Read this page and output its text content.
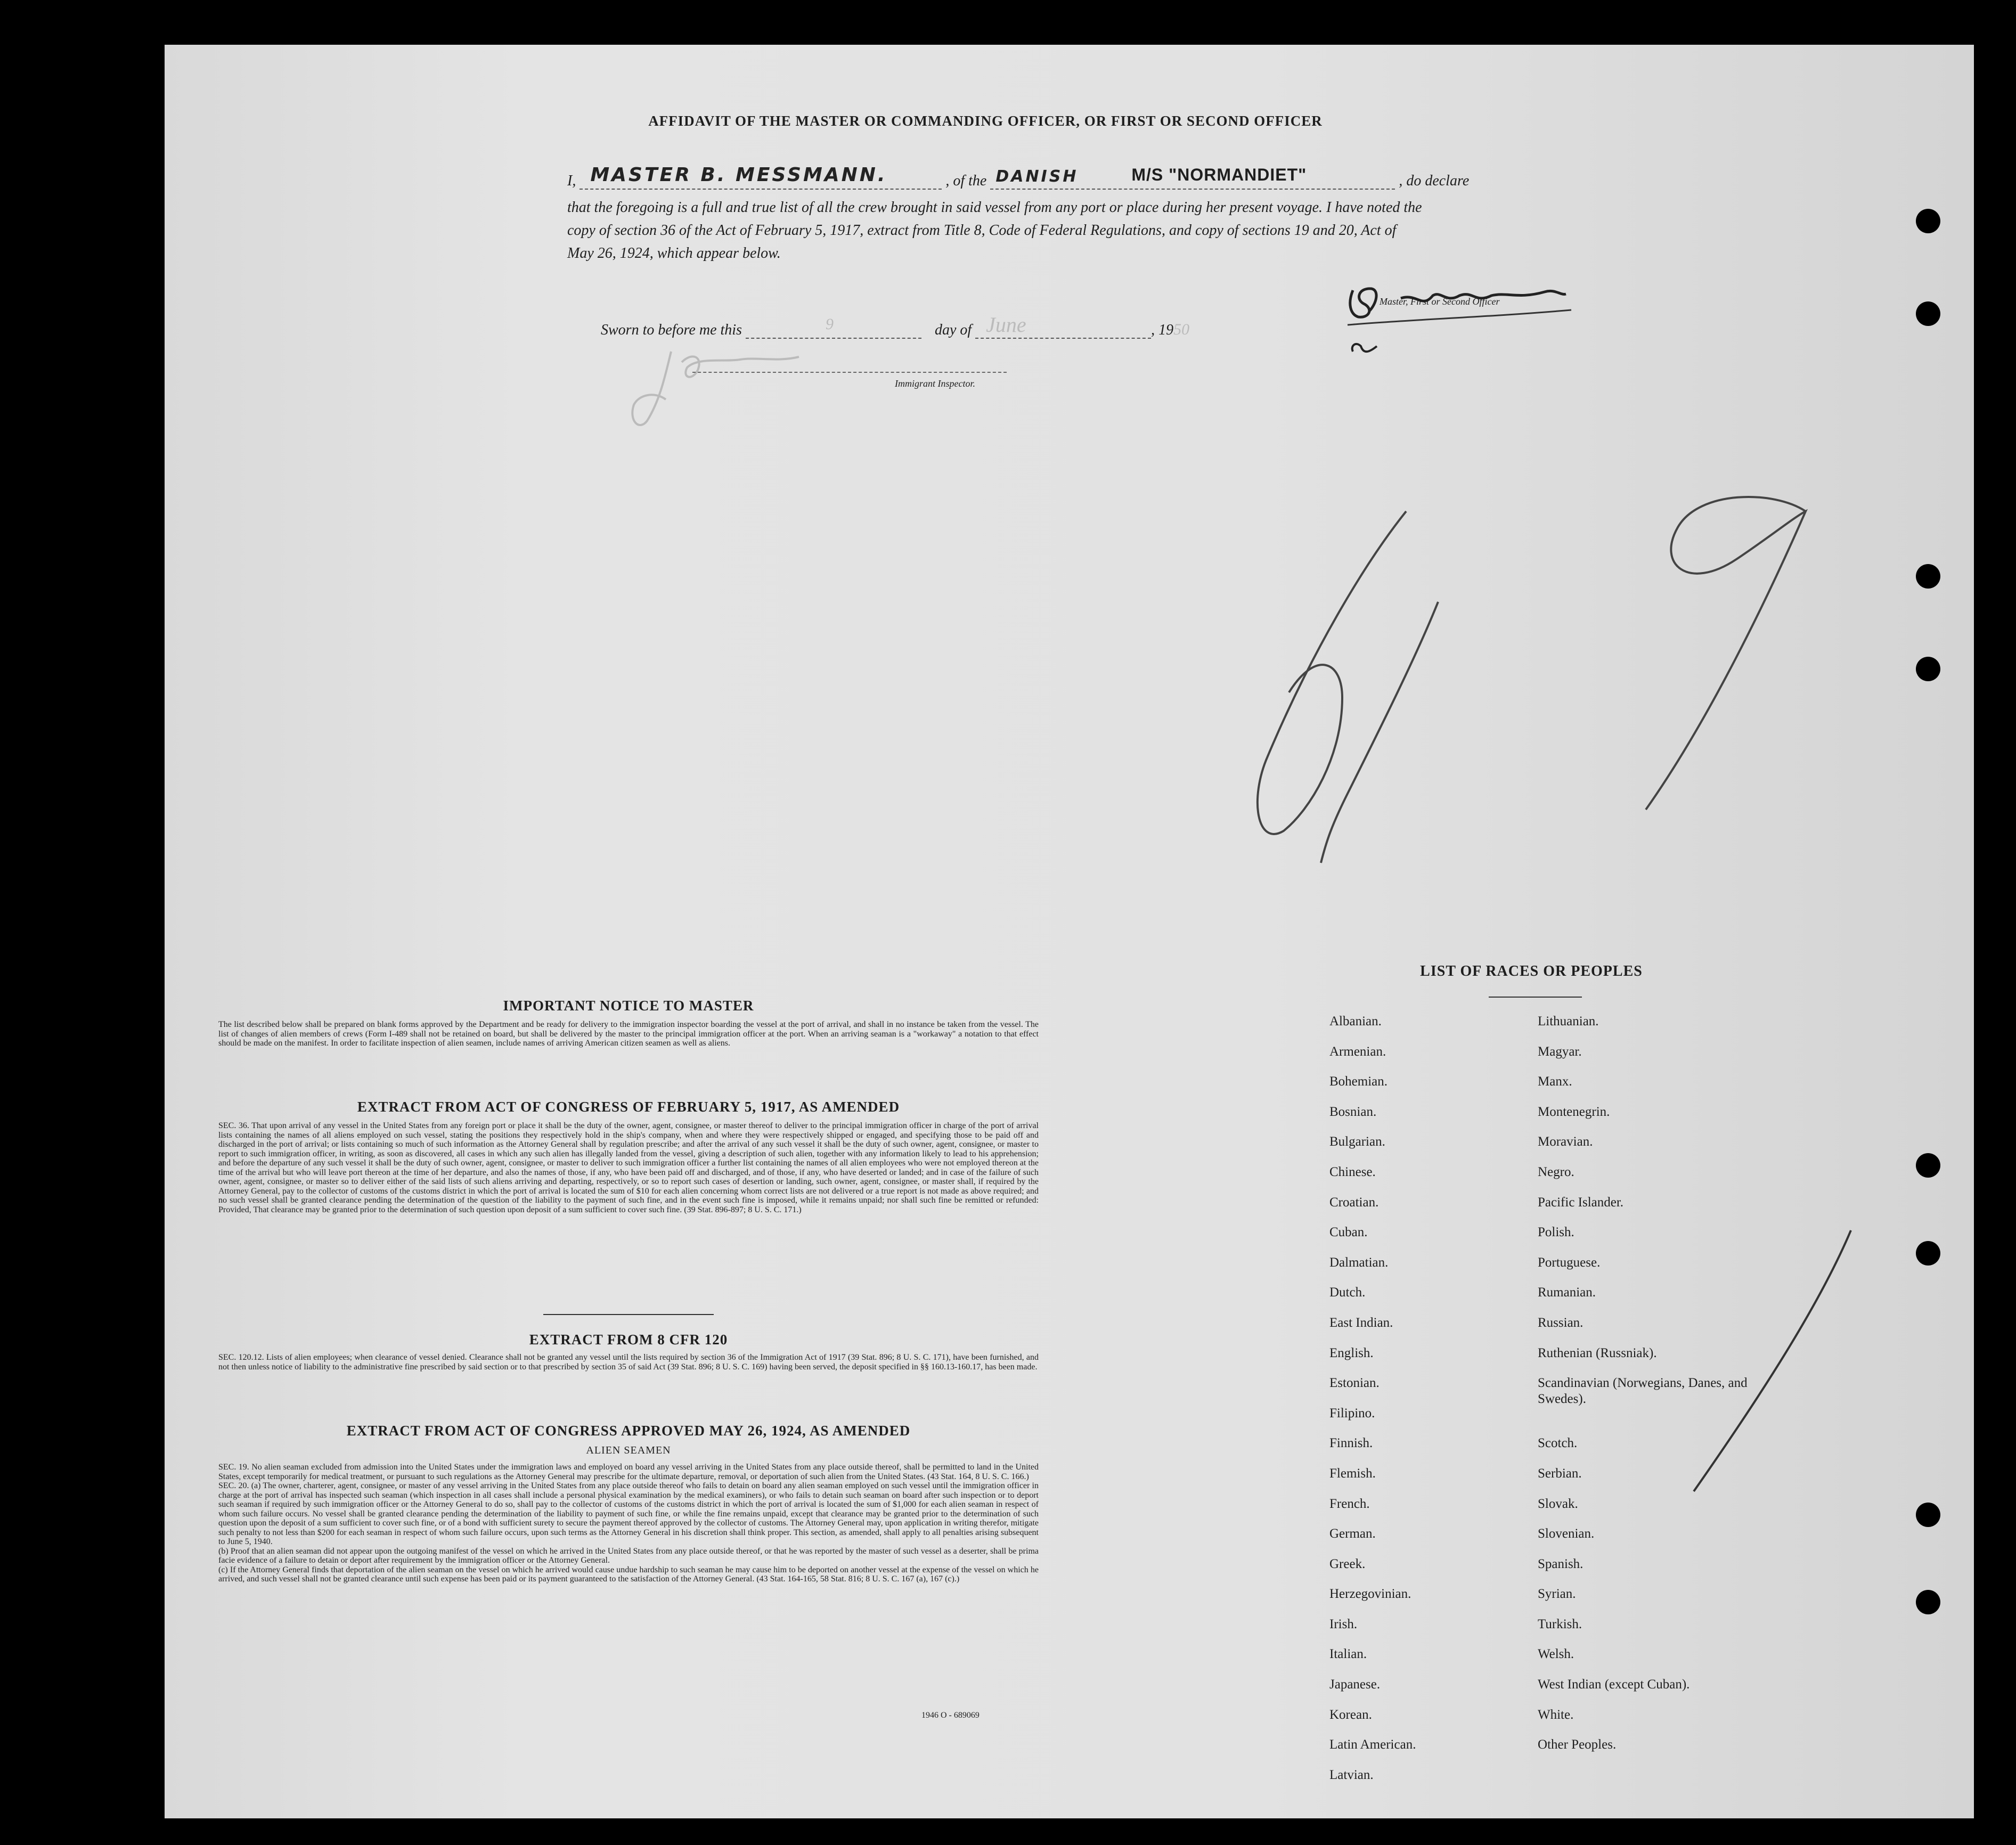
AFFIDAVIT OF THE MASTER OR COMMANDING OFFICER, OR FIRST OR SECOND OFFICER
I, MASTER B. MESSMANN.	, of the DANISH	M/S "NORMANDIET"	, do declare
that the foregoing is a full and true list of all the crew brought in said vessel from any port or place during her present voyage. I have noted the
copy of section 36 of the Act of February 5, 1917, extract from Title 8, Code of Federal Regulations, and copy of sections 19 and 20, Act of
May 26, 1924, which appear below.
Master, First or Second Officer
Sworn to before me this	9	day of June	, 1950
Immigrant Inspector.
IMPORTANT NOTICE TO MASTER
The list described below shall be prepared on blank forms approved by the Department and be ready for delivery to the immigration inspector boarding the vessel at the port of arrival, and shall in no instance be taken from the vessel. The list of changes of alien members of crews (Form I-489 shall not be retained on board, but shall be delivered by the master to the principal immigration officer at the port. When an arriving seaman is a "workaway" a notation to that effect should be made on the manifest. In order to facilitate inspection of alien seamen, include names of arriving American citizen seamen as well as aliens.
EXTRACT FROM ACT OF CONGRESS OF FEBRUARY 5, 1917, AS AMENDED
SEC. 36. That upon arrival of any vessel in the United States from any foreign port or place it shall be the duty of the owner, agent, consignee, or master thereof to deliver to the principal immigration officer in charge of the port of arrival lists containing the names of all aliens employed on such vessel, stating the positions they respectively hold in the ship's company, when and where they were respectively shipped or engaged, and specifying those to be paid off and discharged in the port of arrival; or lists containing so much of such information as the Attorney General shall by regulation prescribe; and after the arrival of any such vessel it shall be the duty of such owner, agent, consignee, or master to report to such immigration officer, in writing, as soon as discovered, all cases in which any such alien has illegally landed from the vessel, giving a description of such alien, together with any information likely to lead to his apprehension; and before the departure of any such vessel it shall be the duty of such owner, agent, consignee, or master to deliver to such immigration officer a further list containing the names of all alien employees who were not employed thereon at the time of the arrival but who will leave port thereon at the time of her departure, and also the names of those, if any, who have been paid off and discharged, and of those, if any, who have deserted or landed; and in case of the failure of such owner, agent, consignee, or master so to deliver either of the said lists of such aliens arriving and departing, respectively, or so to report such cases of desertion or landing, such owner, agent, consignee, or master shall, if required by the Attorney General, pay to the collector of customs of the customs district in which the port of arrival is located the sum of $10 for each alien concerning whom correct lists are not delivered or a true report is not made as above required; and no such vessel shall be granted clearance pending the determination of the question of the liability to the payment of such fine, and in the event such fine is imposed, while it remains unpaid; nor shall such fine be remitted or refunded: Provided, That clearance may be granted prior to the determination of such question upon deposit of a sum sufficient to cover such fine. (39 Stat. 896-897; 8 U. S. C. 171.)
EXTRACT FROM 8 CFR 120
SEC. 120.12. Lists of alien employees; when clearance of vessel denied. Clearance shall not be granted any vessel until the lists required by section 36 of the Immigration Act of 1917 (39 Stat. 896; 8 U. S. C. 171), have been furnished, and not then unless notice of liability to the administrative fine prescribed by said section or to that prescribed by section 35 of said Act (39 Stat. 896; 8 U. S. C. 169) having been served, the deposit specified in §§ 160.13-160.17, has been made.
EXTRACT FROM ACT OF CONGRESS APPROVED MAY 26, 1924, AS AMENDED
ALIEN SEAMEN
SEC. 19. No alien seaman excluded from admission into the United States under the immigration laws and employed on board any vessel arriving in the United States from any place outside thereof, shall be permitted to land in the United States, except temporarily for medical treatment, or pursuant to such regulations as the Attorney General may prescribe for the ultimate departure, removal, or deportation of such alien from the United States. (43 Stat. 164, 8 U. S. C. 166.)
SEC. 20. (a) The owner, charterer, agent, consignee, or master of any vessel arriving in the United States from any place outside thereof who fails to detain on board any alien seaman employed on such vessel until the immigration officer in charge at the port of arrival has inspected such seaman (which inspection in all cases shall include a personal physical examination by the medical examiners), or who fails to detain such seaman on board after such inspection or to deport such seaman if required by such immigration officer or the Attorney General to do so, shall pay to the collector of customs of the customs district in which the port of arrival is located the sum of $1,000 for each alien seaman in respect of whom such failure occurs. No vessel shall be granted clearance pending the determination of the liability to payment of such fine, or while the fine remains unpaid, except that clearance may be granted prior to the determination of such question upon the deposit of a sum sufficient to cover such fine, or of a bond with sufficient surety to secure the payment thereof approved by the collector of customs. The Attorney General may, upon application in writing therefor, mitigate such penalty to not less than $200 for each seaman in respect of whom such failure occurs, upon such terms as the Attorney General in his discretion shall think proper. This section, as amended, shall apply to all penalties arising subsequent to June 5, 1940.
(b) Proof that an alien seaman did not appear upon the outgoing manifest of the vessel on which he arrived in the United States from any place outside thereof, or that he was reported by the master of such vessel as a deserter, shall be prima facie evidence of a failure to detain or deport after requirement by the immigration officer or the Attorney General.
(c) If the Attorney General finds that deportation of the alien seaman on the vessel on which he arrived would cause undue hardship to such seaman he may cause him to be deported on another vessel at the expense of the vessel on which he arrived, and such vessel shall not be granted clearance until such expense has been paid or its payment guaranteed to the satisfaction of the Attorney General. (43 Stat. 164-165, 58 Stat. 816; 8 U. S. C. 167 (a), 167 (c).)
1946 O - 689069
LIST OF RACES OR PEOPLES
Albanian.
Armenian.
Bohemian.
Bosnian.
Bulgarian.
Chinese.
Croatian.
Cuban.
Dalmatian.
Dutch.
East Indian.
English.
Estonian.
Filipino.
Finnish.
Flemish.
French.
German.
Greek.
Herzegovinian.
Irish.
Italian.
Japanese.
Korean.
Latin American.
Latvian.
Lithuanian.
Magyar.
Manx.
Montenegrin.
Moravian.
Negro.
Pacific Islander.
Polish.
Portuguese.
Rumanian.
Russian.
Ruthenian (Russniak).
Scandinavian (Norwegians, Danes, and Swedes).
Scotch.
Serbian.
Slovak.
Slovenian.
Spanish.
Syrian.
Turkish.
Welsh.
West Indian (except Cuban).
White.
Other Peoples.
